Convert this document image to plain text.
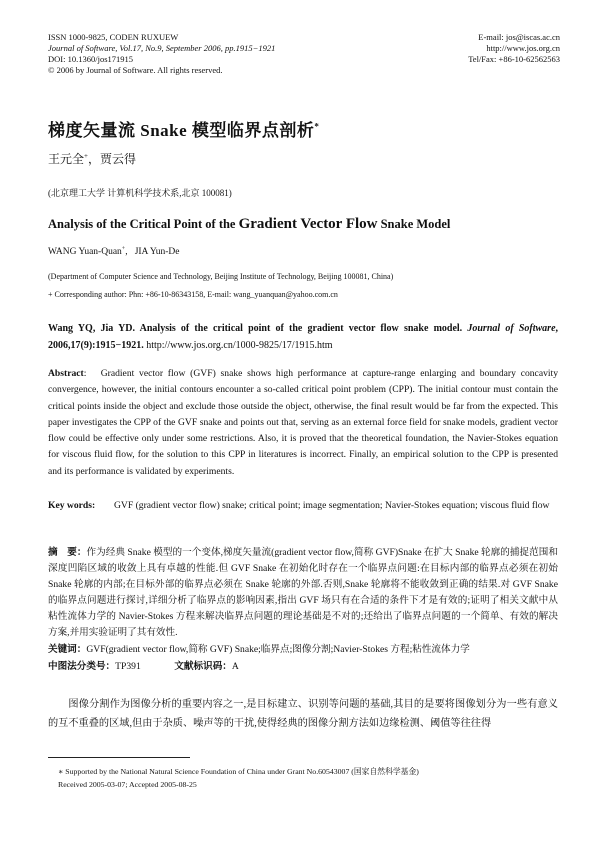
ISSN 1000-9825, CODEN RUXUEW
Journal of Software, Vol.17, No.9, September 2006, pp.1915−1921
DOI: 10.1360/jos171915
© 2006 by Journal of Software. All rights reserved.
E-mail: jos@iscas.ac.cn
http://www.jos.org.cn
Tel/Fax: +86-10-62562563
梯度矢量流 Snake 模型临界点剖析*
王元全+，贾云得
(北京理工大学 计算机科学技术系,北京 100081)
Analysis of the Critical Point of the Gradient Vector Flow Snake Model
WANG Yuan-Quan+, JIA Yun-De
(Department of Computer Science and Technology, Beijing Institute of Technology, Beijing 100081, China)
+ Corresponding author: Phn: +86-10-86343158, E-mail: wang_yuanquan@yahoo.com.cn
Wang YQ, Jia YD. Analysis of the critical point of the gradient vector flow snake model. Journal of Software, 2006,17(9):1915−1921. http://www.jos.org.cn/1000-9825/17/1915.htm
Abstract:   Gradient vector flow (GVF) snake shows high performance at capture-range enlarging and boundary concavity convergence, however, the initial contours encounter a so-called critical point problem (CPP). The initial contour must contain the critical points inside the object and exclude those outside the object, otherwise, the final result would be far from the expected. This paper investigates the CPP of the GVF snake and points out that, serving as an external force field for snake models, gradient vector flow could be effective only under some restrictions. Also, it is proved that the theoretical foundation, the Navier-Stokes equation for viscous fluid flow, for the solution to this CPP in literatures is incorrect. Finally, an empirical solution to the CPP is presented and its performance is validated by experiments.
Key words:	GVF (gradient vector flow) snake; critical point; image segmentation; Navier-Stokes equation; viscous fluid flow
摘　要：作为经典 Snake 模型的一个变体,梯度矢量流(gradient vector flow,简称 GVF)Snake 在扩大 Snake 轮廓的捕捉范围和深度凹陷区域的收敛上具有卓越的性能.但 GVF Snake 在初始化时存在一个临界点问题:在目标内部的临界点必须在初始 Snake 轮廓的内部;在目标外部的临界点必须在 Snake 轮廓的外部.否则,Snake 轮廓将不能收敛到正确的结果.对 GVF Snake 的临界点问题进行探讨,详细分析了临界点的影响因素,指出 GVF 场只有在合适的条件下才是有效的;证明了相关文献中从粘性流体力学的 Navier-Stokes 方程来解决临界点问题的理论基础是不对的;还给出了临界点问题的一个简单、有效的解决方案,并用实验证明了其有效性.
关键词：GVF(gradient vector flow,简称 GVF) Snake;临界点;图像分割;Navier-Stokes 方程;粘性流体力学
中图法分类号：TP391	文献标识码：A
图像分割作为图像分析的重要内容之一,是目标建立、识别等问题的基础,其目的是要将图像划分为一些有意义的互不重叠的区域,但由于杂质、噪声等的干扰,使得经典的图像分割方法如边缘检测、阈值等往往得
∗ Supported by the National Natural Science Foundation of China under Grant No.60543007 (国家自然科学基金)
Received 2005-03-07; Accepted 2005-08-25
